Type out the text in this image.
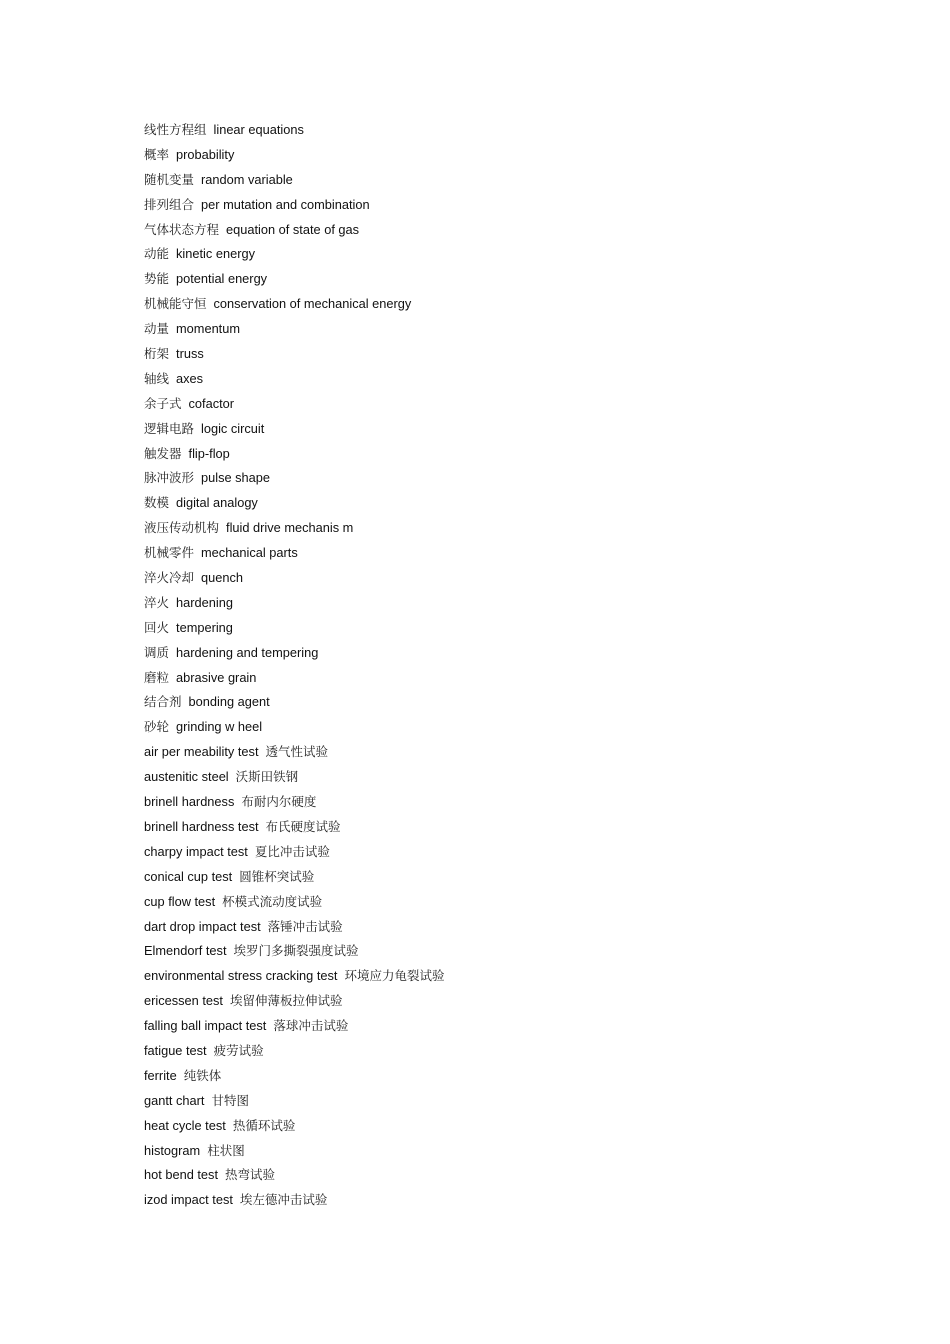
线性方程组 linear equations
概率 probability
随机变量 random variable
排列组合 per mutation and combination
气体状态方程 equation of state of gas
动能 kinetic energy
势能 potential energy
机械能守恒 conservation of mechanical energy
动量 momentum
桁架 truss
轴线 axes
余子式 cofactor
逻辑电路 logic circuit
触发器 flip-flop
脉冲波形 pulse shape
数模 digital analogy
液压传动机构 fluid drive mechanis m
机械零件 mechanical parts
淬火冷却 quench
淬火 hardening
回火 tempering
调质 hardening and tempering
磨粒 abrasive grain
结合剂 bonding agent
砂轮 grinding w heel
air per meability test 透气性试验
austenitic steel 沃斯田铁钢
brinell hardness 布耐内尔硬度
brinell hardness test 布氏硬度试验
charpy impact test 夏比冲击试验
conical cup test 圆锥杯突试验
cup flow test 杯模式流动度试验
dart drop impact test 落锤冲击试验
Elmendorf test 埃罗门多撕裂强度试验
environmental stress cracking test 环境应力龟裂试验
ericessen test 埃留伸薄板拉伸试验
falling ball impact test 落球冲击试验
fatigue test 疲劳试验
ferrite 纯铁体
gantt chart 甘特图
heat cycle test 热循环试验
histogram 柱状图
hot bend test 热弯试验
izod impact test 埃左德冲击试验
